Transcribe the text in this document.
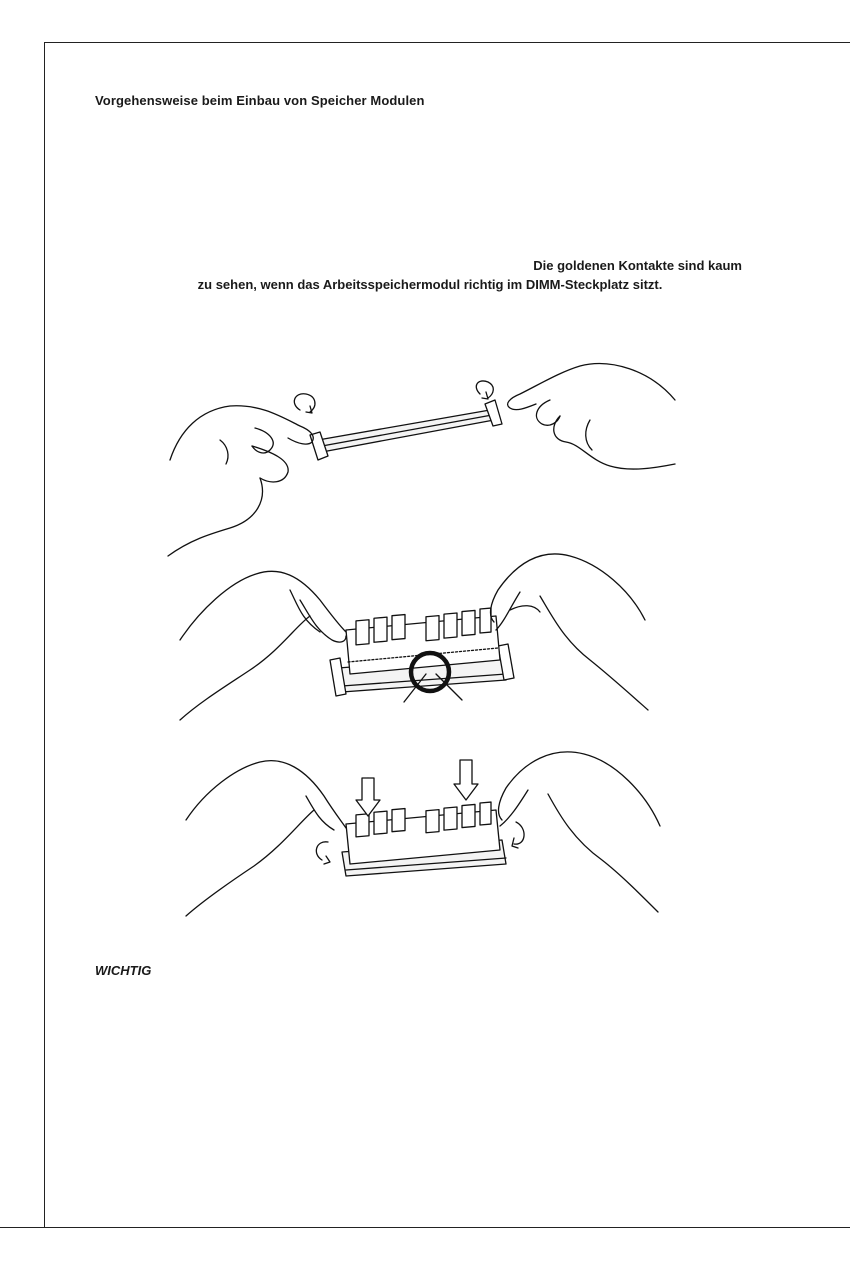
Vorgehensweise beim Einbau von Speicher Modulen
Die goldenen Kontakte sind kaum
zu sehen, wenn das Arbeitsspeichermodul richtig im DIMM-Steckplatz sitzt.
WICHTIG
